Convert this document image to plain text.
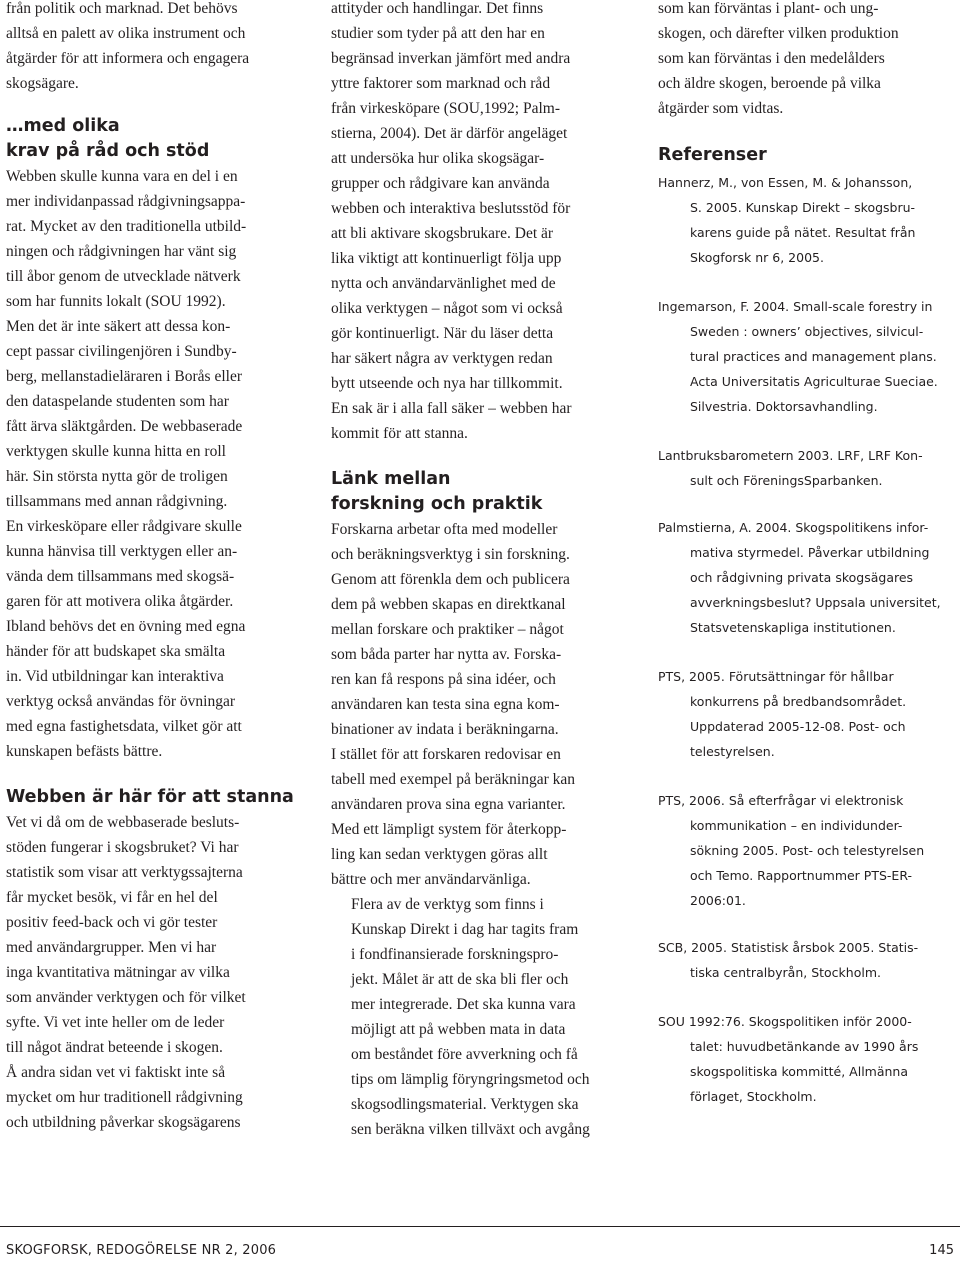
från politik och marknad. Det behövs
alltså en palett av olika instrument och
åtgärder för att informera och engagera
skogsägare.
…med olika
krav på råd och stöd
Webben skulle kunna vara en del i en
mer individanpassad rådgivningsappa-
rat. Mycket av den traditionella utbild-
ningen och rådgivningen har vänt sig
till åbor genom de utvecklade nätverk
som har funnits lokalt (SOU 1992).
Men det är inte säkert att dessa kon-
cept passar civilingenjören i Sundby-
berg, mellanstadieläraren i Borås eller
den dataspelande studenten som har
fått ärva släktgården. De webbaserade
verktygen skulle kunna hitta en roll
här. Sin största nytta gör de troligen
tillsammans med annan rådgivning.
En virkesköpare eller rådgivare skulle
kunna hänvisa till verktygen eller an-
vända dem tillsammans med skogsä-
garen för att motivera olika åtgärder.
Ibland behövs det en övning med egna
händer för att budskapet ska smälta
in. Vid utbildningar kan interaktiva
verktyg också användas för övningar
med egna fastighetsdata, vilket gör att
kunskapen befästs bättre.
Webben är här för att stanna
Vet vi då om de webbaserade besluts-
stöden fungerar i skogsbruket? Vi har
statistik som visar att verktygssajterna
får mycket besök, vi får en hel del
positiv feed-back och vi gör tester
med användargrupper. Men vi har
inga kvantitativa mätningar av vilka
som använder verktygen och för vilket
syfte. Vi vet inte heller om de leder
till något ändrat beteende i skogen.
Å andra sidan vet vi faktiskt inte så
mycket om hur traditionell rådgivning
och utbildning påverkar skogsägarens
attityder och handlingar. Det finns
studier som tyder på att den har en
begränsad inverkan jämfört med andra
yttre faktorer som marknad och råd
från virkesköpare (SOU,1992; Palm-
stierna, 2004). Det är därför angeläget
att undersöka hur olika skogsägar-
grupper och rådgivare kan använda
webben och interaktiva beslutsstöd för
att bli aktivare skogsbrukare. Det är
lika viktigt att kontinuerligt följa upp
nytta och användarvänlighet med de
olika verktygen – något som vi också
gör kontinuerligt. När du läser detta
har säkert några av verktygen redan
bytt utseende och nya har tillkommit.
En sak är i alla fall säker – webben har
kommit för att stanna.
Länk mellan
forskning och praktik
Forskarna arbetar ofta med modeller
och beräkningsverktyg i sin forskning.
Genom att förenkla dem och publicera
dem på webben skapas en direktkanal
mellan forskare och praktiker – något
som båda parter har nytta av. Forska-
ren kan få respons på sina idéer, och
användaren kan testa sina egna kom-
binationer av indata i beräkningarna.
I stället för att forskaren redovisar en
tabell med exempel på beräkningar kan
användaren prova sina egna varianter.
Med ett lämpligt system för återkopp-
ling kan sedan verktygen göras allt
bättre och mer användarvänliga.
Flera av de verktyg som finns i
Kunskap Direkt i dag har tagits fram
i fondfinansierade forskningspro-
jekt. Målet är att de ska bli fler och
mer integrerade. Det ska kunna vara
möjligt att på webben mata in data
om beståndet före avverkning och få
tips om lämplig föryngringsmetod och
skogsodlingsmaterial. Verktygen ska
sen beräkna vilken tillväxt och avgång
som kan förväntas i plant- och ung-
skogen, och därefter vilken produktion
som kan förväntas i den medelålders
och äldre skogen, beroende på vilka
åtgärder som vidtas.
Referenser
Hannerz, M., von Essen, M. & Johansson,
S. 2005. Kunskap Direkt – skogsbru-
karens guide på nätet. Resultat från
Skogforsk nr 6, 2005.
Ingemarson, F. 2004. Small-scale forestry in
Sweden : owners’ objectives, silvicul-
tural practices and management plans.
Acta Universitatis Agriculturae Sueciae.
Silvestria. Doktorsavhandling.
Lantbruksbarometern 2003. LRF, LRF Kon-
sult och FöreningsSparbanken.
Palmstierna, A. 2004. Skogspolitikens infor-
mativa styrmedel. Påverkar utbildning
och rådgivning privata skogsägares
avverkningsbeslut? Uppsala universitet,
Statsvetenskapliga institutionen.
PTS, 2005. Förutsättningar för hållbar
konkurrens på bredbandsområdet.
Uppdaterad 2005-12-08. Post- och
telestyrelsen.
PTS, 2006. Så efterfrågar vi elektronisk
kommunikation – en individunder-
sökning 2005. Post- och telestyrelsen
och Temo. Rapportnummer PTS-ER-
2006:01.
SCB, 2005. Statistisk årsbok 2005. Statis-
tiska centralbyrån, Stockholm.
SOU 1992:76. Skogspolitiken inför 2000-
talet: huvudbetänkande av 1990 års
skogspolitiska kommitté, Allmänna
förlaget, Stockholm.
SKOGFORSK, REDOGÖRELSE NR 2, 2006	145
